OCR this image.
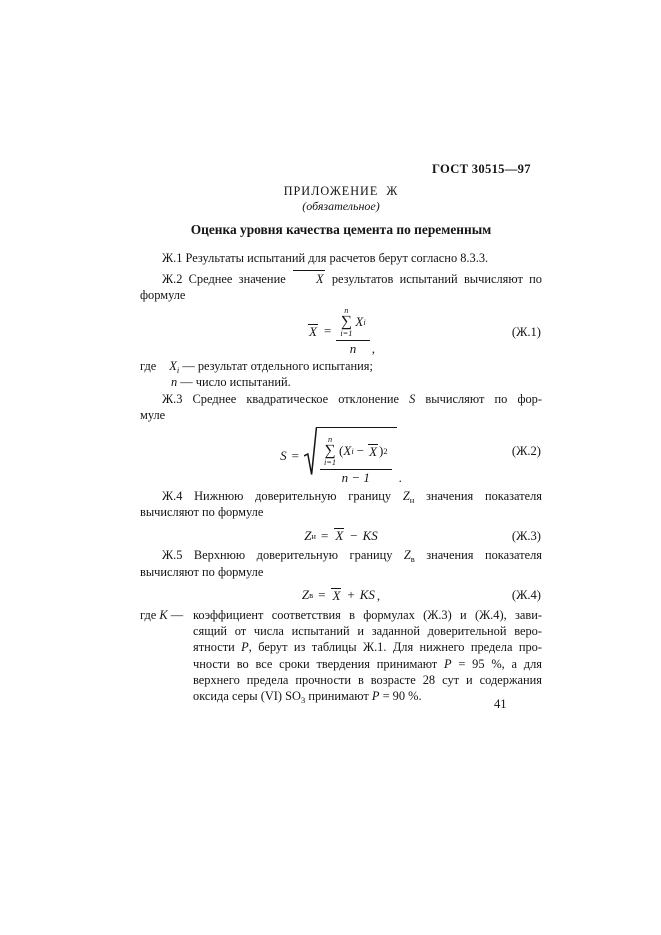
ГОСТ 30515—97
ПРИЛОЖЕНИЕ  Ж
(обязательное)
Оценка уровня качества цемента по переменным
Ж.1 Результаты испытаний для расчетов берут согласно 8.3.3.
Ж.2 Среднее значение X результатов испытаний вычисляют по
формуле
X =
n
∑
i=1
X i
n	,
(Ж.1)
где $X_i$ — результат отдельного испытания;
n — число испытаний.
Ж.3 Среднее квадратическое отклонение S вычисляют по фор-
муле
S =
n
∑
i=1
( X i − X ) 2
n − 1	.
(Ж.2)
Ж.4 Нижнюю доверительную границу $Z_н$ значения показателя
вычисляют по формуле
Z н = X − KS	(Ж.3)
Ж.5 Верхнюю доверительную границу $Z_в$ значения показателя
вычисляют по формуле
Z в = X + KS ,	(Ж.4)
где K — коэффициент соответствия в формулах (Ж.3) и (Ж.4), зави-
сящий от числа испытаний и заданной доверительной веро-
ятности P, берут из таблицы Ж.1. Для нижнего предела про-
чности во все сроки твердения принимают P = 95 %, а для
верхнего предела прочности в возрасте 28 сут и содержания
оксида серы (VI) $SO_3$ принимают P = 90 %.
41
